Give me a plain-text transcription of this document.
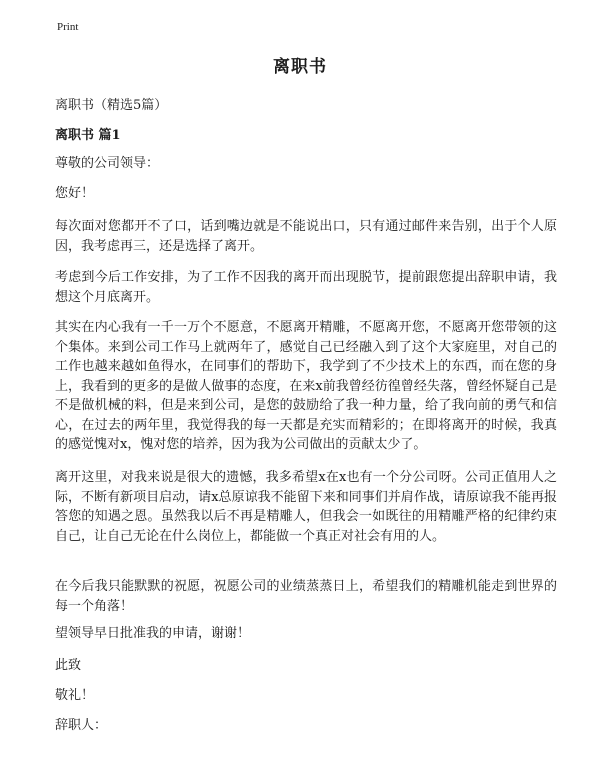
Print
离职书
离职书（精选5篇）
离职书 篇1

尊敬的公司领导：

您好！

每次面对您都开不了口，话到嘴边就是不能说出口，只有通过邮件来告别，出于个人原因，我考虑再三，还是选择了离开。

考虑到今后工作安排，为了工作不因我的离开而出现脱节，提前跟您提出辞职申请，我想这个月底离开。

其实在内心我有一千一万个不愿意，不愿离开精雕，不愿离开您，不愿离开您带领的这个集体。来到公司工作马上就两年了，感觉自己已经融入到了这个大家庭里，对自己的工作也越来越如鱼得水，在同事们的帮助下，我学到了不少技术上的东西，而在您的身上，我看到的更多的是做人做事的态度，在来x前我曾经彷徨曾经失落，曾经怀疑自己是不是做机械的料，但是来到公司，是您的鼓励给了我一种力量，给了我向前的勇气和信心，在过去的两年里，我觉得我的每一天都是充实而精彩的；在即将离开的时候，我真的感觉愧对x，愧对您的培养，因为我为公司做出的贡献太少了。

离开这里，对我来说是很大的遗憾，我多希望x在x也有一个分公司呀。公司正值用人之际，不断有新项目启动，请x总原谅我不能留下来和同事们并肩作战，请原谅我不能再报答您的知遇之恩。虽然我以后不再是精雕人，但我会一如既往的用精雕严格的纪律约束自己，让自己无论在什么岗位上，都能做一个真正对社会有用的人。

在今后我只能默默的祝愿，祝愿公司的业绩蒸蒸日上，希望我们的精雕机能走到世界的每一个角落！

望领导早日批准我的申请，谢谢！

此致

敬礼！

辞职人：
